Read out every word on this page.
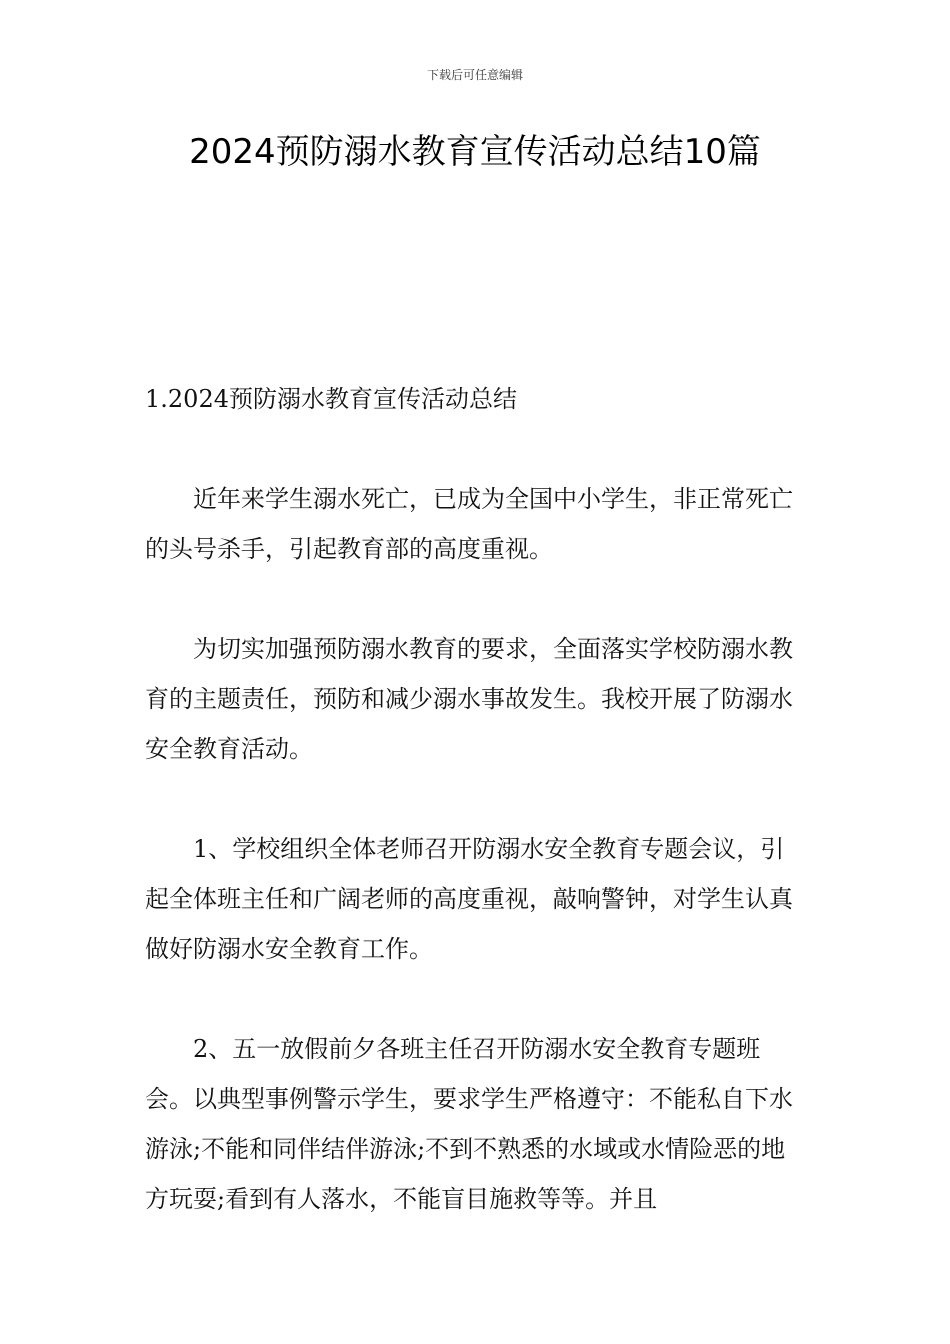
下载后可任意编辑
2024预防溺水教育宣传活动总结10篇

1.2024预防溺水教育宣传活动总结

近年来学生溺水死亡，已成为全国中小学生，非正常死亡的头号杀手，引起教育部的高度重视。

为切实加强预防溺水教育的要求，全面落实学校防溺水教育的主题责任，预防和减少溺水事故发生。我校开展了防溺水安全教育活动。

1、学校组织全体老师召开防溺水安全教育专题会议，引起全体班主任和广阔老师的高度重视，敲响警钟，对学生认真做好防溺水安全教育工作。

2、五一放假前夕各班主任召开防溺水安全教育专题班会。以典型事例警示学生，要求学生严格遵守：不能私自下水游泳;不能和同伴结伴游泳;不到不熟悉的水域或水情险恶的地方玩耍;看到有人落水，不能盲目施救等等。并且
